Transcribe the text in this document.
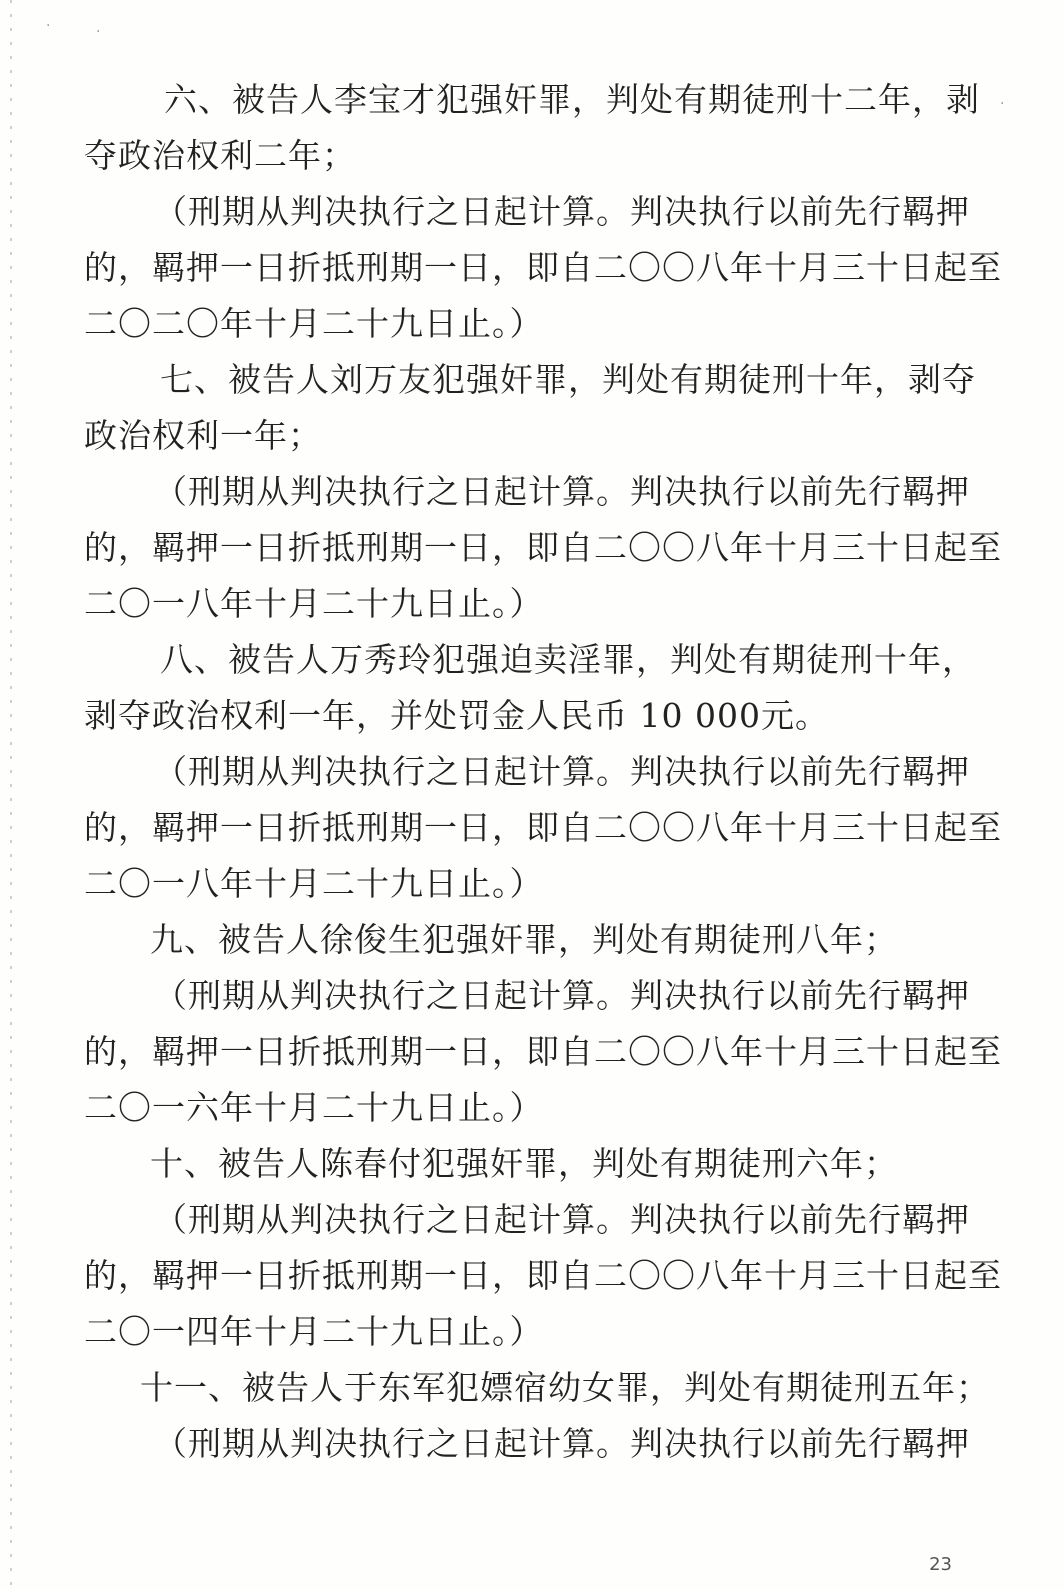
·	·
·
六、被告人李宝才犯强奸罪，判处有期徒刑十二年，剥
夺政治权利二年；
（刑期从判决执行之日起计算。判决执行以前先行羁押
的，羁押一日折抵刑期一日，即自二〇〇八年十月三十日起至
二〇二〇年十月二十九日止。）
七、被告人刘万友犯强奸罪，判处有期徒刑十年，剥夺
政治权利一年；
（刑期从判决执行之日起计算。判决执行以前先行羁押
的，羁押一日折抵刑期一日，即自二〇〇八年十月三十日起至
二〇一八年十月二十九日止。）
八、被告人万秀玲犯强迫卖淫罪，判处有期徒刑十年，
剥夺政治权利一年，并处罚金人民币 10 000元。
（刑期从判决执行之日起计算。判决执行以前先行羁押
的，羁押一日折抵刑期一日，即自二〇〇八年十月三十日起至
二〇一八年十月二十九日止。）
九、被告人徐俊生犯强奸罪，判处有期徒刑八年；
（刑期从判决执行之日起计算。判决执行以前先行羁押
的，羁押一日折抵刑期一日，即自二〇〇八年十月三十日起至
二〇一六年十月二十九日止。）
十、被告人陈春付犯强奸罪，判处有期徒刑六年；
（刑期从判决执行之日起计算。判决执行以前先行羁押
的，羁押一日折抵刑期一日，即自二〇〇八年十月三十日起至
二〇一四年十月二十九日止。）
十一、被告人于东军犯嫖宿幼女罪，判处有期徒刑五年；
（刑期从判决执行之日起计算。判决执行以前先行羁押
23
